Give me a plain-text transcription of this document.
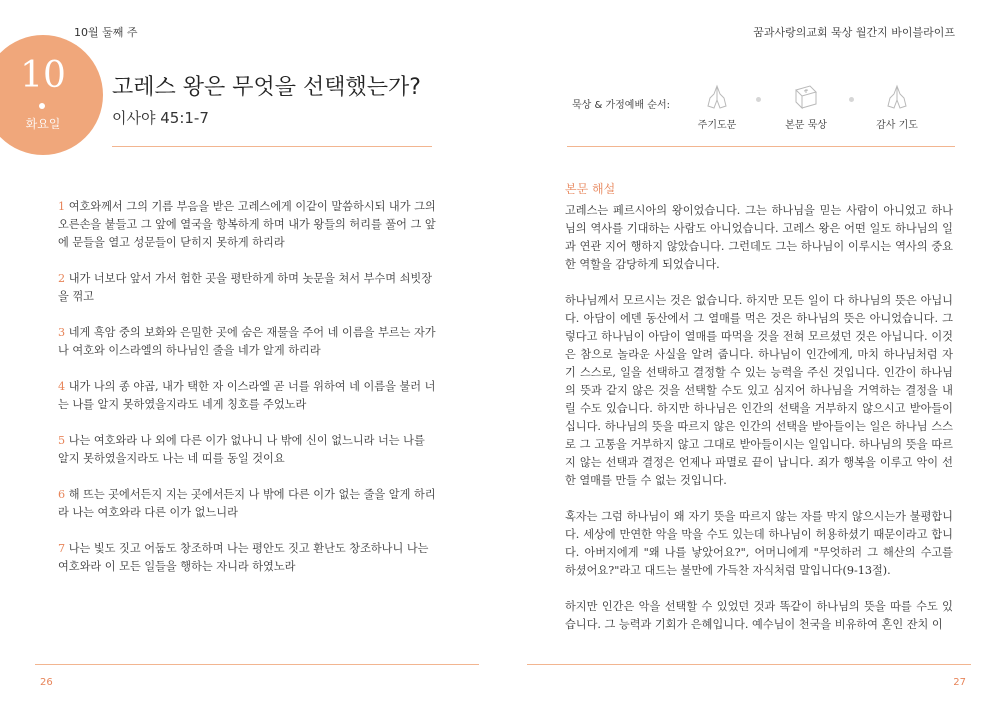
10월 둘째 주
10
화요일
고레스 왕은 무엇을 선택했는가?
이사야 45:1-7

1 여호와께서 그의 기름 부음을 받은 고레스에게 이같이 말씀하시되 내가 그의 오른손을 붙들고 그 앞에 열국을 항복하게 하며 내가 왕들의 허리를 풀어 그 앞에 문들을 열고 성문들이 닫히지 못하게 하리라

2 내가 너보다 앞서 가서 험한 곳을 평탄하게 하며 놋문을 쳐서 부수며 쇠빗장을 꺾고

3 네게 흑암 중의 보화와 은밀한 곳에 숨은 재물을 주어 네 이름을 부르는 자가 나 여호와 이스라엘의 하나님인 줄을 네가 알게 하리라

4 내가 나의 종 야곱, 내가 택한 자 이스라엘 곧 너를 위하여 네 이름을 불러 너는 나를 알지 못하였을지라도 네게 칭호를 주었노라

5 나는 여호와라 나 외에 다른 이가 없나니 나 밖에 신이 없느니라 너는 나를 알지 못하였을지라도 나는 네 띠를 동일 것이요

6 해 뜨는 곳에서든지 지는 곳에서든지 나 밖에 다른 이가 없는 줄을 알게 하리라 나는 여호와라 다른 이가 없느니라

7 나는 빛도 짓고 어둠도 창조하며 나는 평안도 짓고 환난도 창조하나니 나는 여호와라 이 모든 일들을 행하는 자니라 하였노라

26
꿈과사랑의교회 묵상 월간지 바이블라이프
묵상 & 가정예배 순서:
주기도문	본문 묵상	감사 기도
본문 해설

고레스는 페르시아의 왕이었습니다. 그는 하나님을 믿는 사람이 아니었고 하나님의 역사를 기대하는 사람도 아니었습니다. 고레스 왕은 어떤 일도 하나님의 일과 연관 지어 행하지 않았습니다. 그런데도 그는 하나님이 이루시는 역사의 중요한 역할을 감당하게 되었습니다.

하나님께서 모르시는 것은 없습니다. 하지만 모든 일이 다 하나님의 뜻은 아닙니다. 아담이 에덴 동산에서 그 열매를 먹은 것은 하나님의 뜻은 아니었습니다. 그렇다고 하나님이 아담이 열매를 따먹을 것을 전혀 모르셨던 것은 아닙니다. 이것은 참으로 놀라운 사실을 알려 줍니다. 하나님이 인간에게, 마치 하나님처럼 자기 스스로, 일을 선택하고 결정할 수 있는 능력을 주신 것입니다. 인간이 하나님의 뜻과 같지 않은 것을 선택할 수도 있고 심지어 하나님을 거역하는 결정을 내릴 수도 있습니다. 하지만 하나님은 인간의 선택을 거부하지 않으시고 받아들이십니다. 하나님의 뜻을 따르지 않은 인간의 선택을 받아들이는 일은 하나님 스스로 그 고통을 거부하지 않고 그대로 받아들이시는 일입니다. 하나님의 뜻을 따르지 않는 선택과 결정은 언제나 파멸로 끝이 납니다. 죄가 행복을 이루고 악이 선한 열매를 만들 수 없는 것입니다.

혹자는 그럼 하나님이 왜 자기 뜻을 따르지 않는 자를 막지 않으시는가 불평합니다. 세상에 만연한 악을 막을 수도 있는데 하나님이 허용하셨기 때문이라고 합니다. 아버지에게 "왜 나를 낳았어요?", 어머니에게 "무엇하러 그 해산의 수고를 하셨어요?"라고 대드는 불만에 가득찬 자식처럼 말입니다(9-13절).

하지만 인간은 악을 선택할 수 있었던 것과 똑같이 하나님의 뜻을 따를 수도 있습니다. 그 능력과 기회가 은혜입니다. 예수님이 천국을 비유하여 혼인 잔치 이

27
